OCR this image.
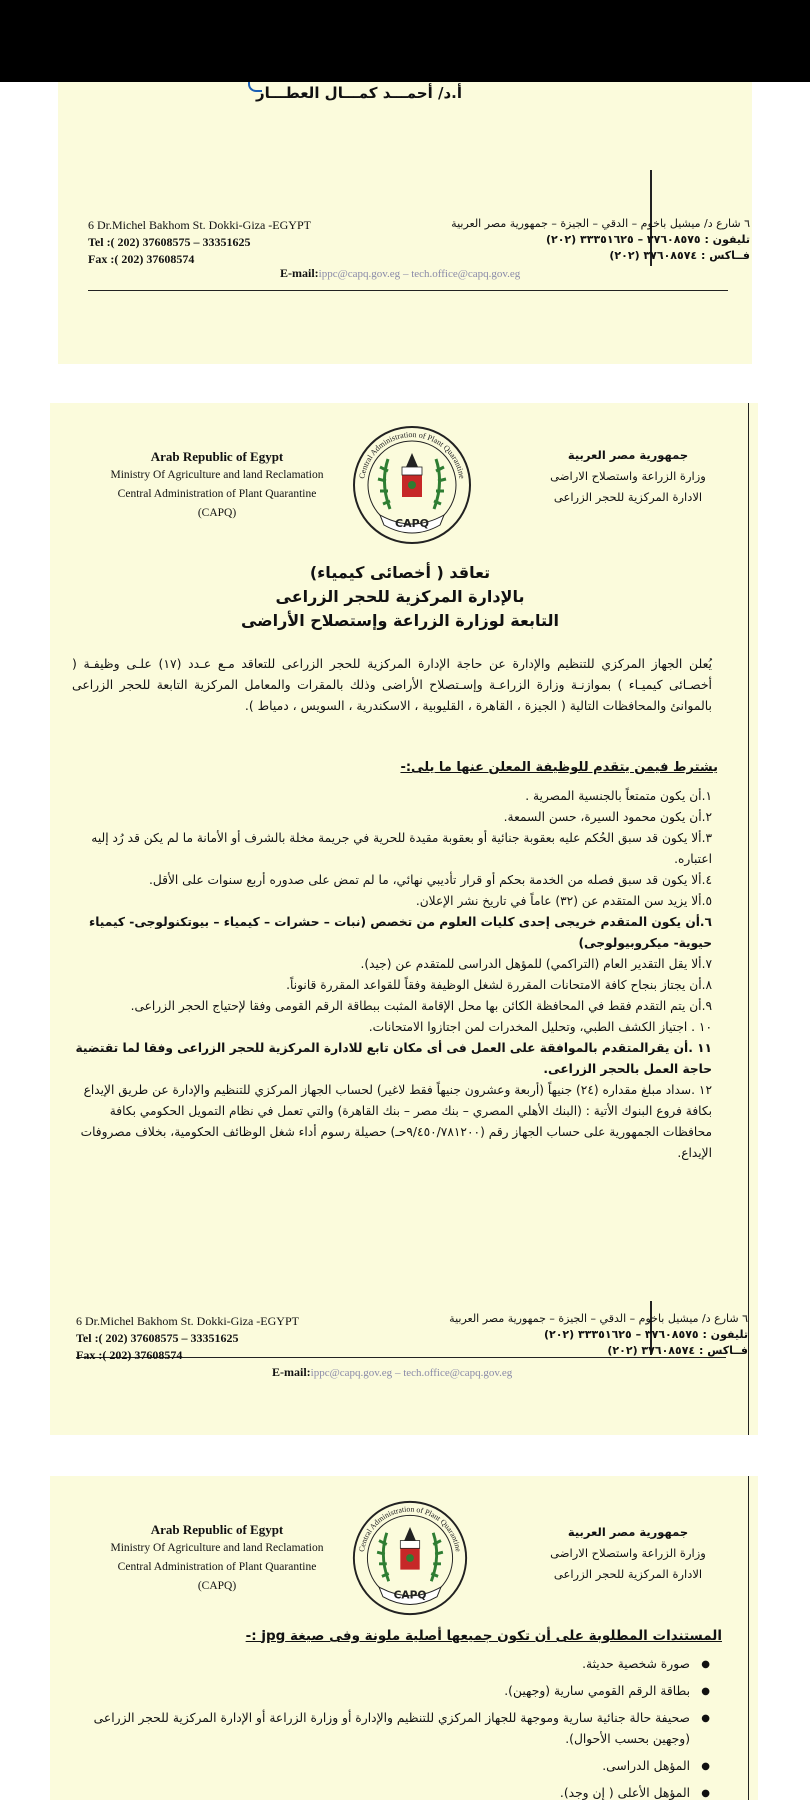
أ.د/ أحمـــد كمـــال العطـــار
6 Dr.Michel Bakhom St. Dokki-Giza -EGYPT
Tel :( 202) 37608575 – 33351625
Fax :( 202) 37608574
٦ شارع د/ ميشيل باخوم – الدقي – الجيزة – جمهورية مصر العربية
تليفون : ٣٧٦٠٨٥٧٥ – ٣٣٣٥١٦٢٥ (٢٠٢)
فــاكس : ٣٧٦٠٨٥٧٤ (٢٠٢)
E-mail:ippc@capq.gov.eg – tech.office@capq.gov.eg
Arab Republic of Egypt
Ministry Of Agriculture and land Reclamation
Central Administration of Plant Quarantine
(CAPQ)
Central Administration of Plant Quarantine
CAPQ
جمهورية مصر العربية
وزارة الزراعة واستصلاح الاراضى
الادارة المركزية للحجر الزراعى
تعاقد ( أخصائى كيمياء)
بالإدارة المركزية للحجر الزراعى
التابعة لوزارة الزراعة وإستصلاح الأراضى
يُعلن الجهاز المركزي للتنظيم والإدارة عن حاجة الإدارة المركزية للحجر الزراعى للتعاقد مـع عـدد (١٧) علـى وظيفـة ( أخصـائى كيميـاء ) بموازنـة وزارة الزراعـة وإسـتصلاح الأراضى وذلك بالمقرات والمعامل المركزية التابعة للحجر الزراعى بالموانئ والمحافظات التالية ( الجيزة ، القاهرة ، القليوبية ، الاسكندرية ، السويس ، دمياط ).
يشترط فيمن يتقدم للوظيفة المعلن عنها ما يلى:-
١.أن يكون متمتعاً بالجنسية المصرية .
٢.أن يكون محمود السيرة، حسن السمعة.
٣.ألا يكون قد سبق الحُكم عليه بعقوبة جنائية أو بعقوبة مقيدة للحرية في جريمة مخلة بالشرف أو الأمانة ما لم يكن قد رُد إليه اعتباره.
٤.ألا يكون قد سبق فصله من الخدمة بحكم أو قرار تأديبي نهائي، ما لم تمض على صدوره أربع سنوات على الأقل.
٥.ألا يزيد سن المتقدم عن (٣٢) عاماً في تاريخ نشر الإعلان.
٦.أن يكون المتقدم خريجى إحدى كليات العلوم من تخصص (نبات – حشرات – كيمياء – بيوتكنولوجى- كيمياء حيوية- ميكروبيولوجى)
٧.ألا يقل التقدير العام (التراكمي) للمؤهل الدراسى للمتقدم عن (جيد).
٨.أن يجتاز بنجاح كافة الامتحانات المقررة لشغل الوظيفة وفقاً للقواعد المقررة قانوناً.
٩.أن يتم التقدم فقط في المحافظة الكائن بها محل الإقامة المثبت ببطاقة الرقم القومى وفقا لإحتياج الحجر الزراعى.
١٠ . اجتياز الكشف الطبي، وتحليل المخدرات لمن اجتازوا الامتحانات.
١١ .أن يقرالمتقدم بالموافقة على العمل فى أى مكان تابع للادارة المركزية للحجر الزراعى وفقا لما تقتضية حاجة العمل بالحجر الزراعى.
١٢ .سداد مبلغ مقداره (٢٤) جنيهاً (أربعة وعشرون جنيهاً فقط لاغير) لحساب الجهاز المركزي للتنظيم والإدارة عن طريق الإيداع بكافة فروع البنوك الأتية : (البنك الأهلي المصري – بنك مصر – بنك القاهرة) والتي تعمل في نظام التمويل الحكومي بكافة محافظات الجمهورية على حساب الجهاز رقم (٩/٤٥٠/٧٨١٢٠٠حـ) حصيلة رسوم أداء شغل الوظائف الحكومية، بخلاف مصروفات الإيداع.
6 Dr.Michel Bakhom St. Dokki-Giza -EGYPT
Tel :( 202) 37608575 – 33351625
Fax :( 202) 37608574
٦ شارع د/ ميشيل باخوم – الدقي – الجيزة – جمهورية مصر العربية
تليفون : ٣٧٦٠٨٥٧٥ – ٣٣٣٥١٦٢٥ (٢٠٢)
فــاكس : ٣٧٦٠٨٥٧٤ (٢٠٢)
E-mail:ippc@capq.gov.eg – tech.office@capq.gov.eg
Arab Republic of Egypt
Ministry Of Agriculture and land Reclamation
Central Administration of Plant Quarantine
(CAPQ)
Central Administration of Plant Quarantine
CAPQ
جمهورية مصر العربية
وزارة الزراعة واستصلاح الاراضى
الادارة المركزية للحجر الزراعى
المستندات المطلوبة على أن تكون جميعها أصلية ملونة وفى صيغة jpg :-
● صورة شخصية حديثة.
● بطاقة الرقم القومي سارية (وجهين).
● صحيفة حالة جنائية سارية وموجهة للجهاز المركزي للتنظيم والإدارة أو وزارة الزراعة أو الإدارة المركزية للحجر الزراعى (وجهين بحسب الأحوال).
● المؤهل الدراسى.
● المؤهل الأعلى ( إن وجد).
